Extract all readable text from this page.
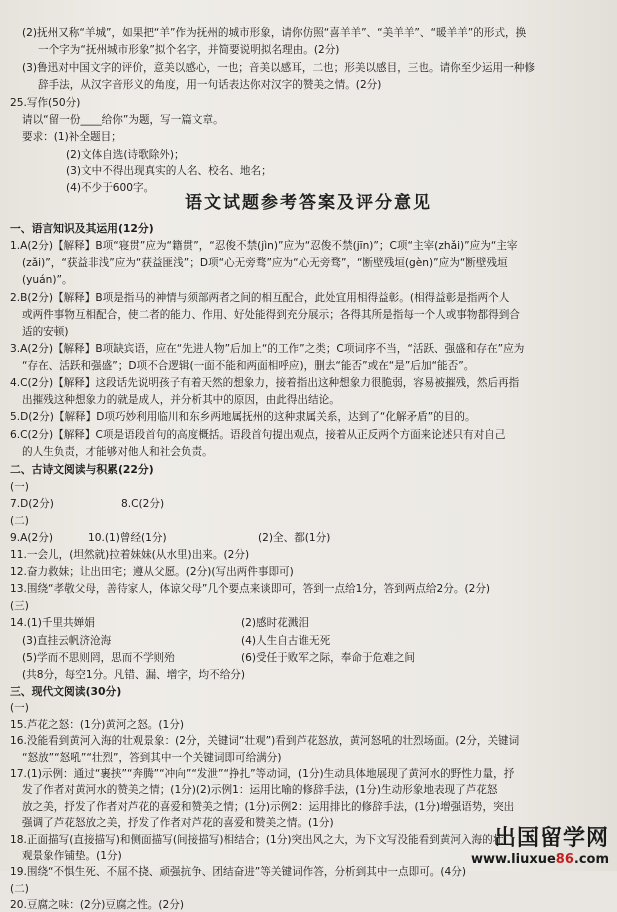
(2)抚州又称“羊城”，如果把“羊”作为抚州的城市形象，请你仿照“喜羊羊”、“美羊羊”、“暖羊羊”的形式，换
一个字为“抚州城市形象”拟个名字，并简要说明拟名理由。(2分)
(3)鲁迅对中国文字的评价，意美以感心，一也；音美以感耳，二也；形美以感目，三也。请你至少运用一种修
辞手法，从汉字音形义的角度，用一句话表达你对汉字的赞美之情。(2分)
25.写作(50分)
请以“留一份____给你”为题，写一篇文章。
要求：(1)补全题目；
(2)文体自选(诗歌除外)；
(3)文中不得出现真实的人名、校名、地名；
(4)不少于600字。
语文试题参考答案及评分意见
一、语言知识及其运用(12分)
1.A(2分)【解释】B项“寝贯”应为“籍贯”，“忍俊不禁(jìn)”应为“忍俊不禁(jīn)”；C项“主宰(zhǎi)”应为“主宰
(zǎi)”，“获益非浅”应为“获益匪浅”；D项“心无旁骛”应为“心无旁骛”，“断壁残垣(gèn)”应为“断壁残垣
(yuán)”。
2.B(2分)【解释】B项是指马的神情与须部两者之间的相互配合，此处宜用相得益彰。(相得益彰是指两个人
或两件事物互相配合，使二者的能力、作用、好处能得到充分展示；各得其所是指每一个人或事物都得到合
适的安顿)
3.A(2分)【解释】B项缺宾语，应在“先进人物”后加上“的工作”之类；C项词序不当，“活跃、强盛和存在”应为
“存在、活跃和强盛”；D项不合逻辑(一面不能和两面相呼应)，删去“能否”或在“是”后加“能否”。
4.C(2分)【解释】这段话先说明孩子有着天然的想象力，接着指出这种想象力很脆弱，容易被摧残，然后再指
出摧残这种想象力的就是成人，并分析其中的原因，由此得出结论。
5.D(2分)【解释】D项巧妙利用临川和东乡两地属抚州的这种隶属关系，达到了“化解矛盾”的目的。
6.C(2分)【解释】C项是语段首句的高度概括。语段首句提出观点，接着从正反两个方面来论述只有对自己
的人生负责，才能够对他人和社会负责。
二、古诗文阅读与积累(22分)
(一)
7.D(2分)	8.C(2分)
(二)
9.A(2分)	10.(1)曾经(1分)	(2)全、都(1分)
11.一会儿，(坦然就)拉着妹妹(从水里)出来。(2分)
12.奋力救妹；让出田宅；遵从父愿。(2分)(写出两件事即可)
13.围绕“孝敬父母，善待家人，体谅父母”几个要点来谈即可，答到一点给1分，答到两点给2分。(2分)
(三)
14.(1)千里共婵娟	(2)感时花溅泪
(3)直挂云帆济沧海	(4)人生自古谁无死
(5)学而不思则罔，思而不学则殆	(6)受任于败军之际，奉命于危难之间
(共8分，每空1分。凡错、漏、增字，均不给分)
三、现代文阅读(30分)
(一)
15.芦花之怒：(1分)黄河之怒。(1分)
16.没能看到黄河入海的壮观景象：(2分，关键词“壮观”)看到芦花怒放，黄河怒吼的壮烈场面。(2分，关键词
“怒放”“怒吼”“壮烈”，答到其中一个关键词即可给满分)
17.(1)示例：通过“裹挟”“奔腾”“冲向”“发泄”“挣扎”等动词，(1分)生动具体地展现了黄河水的野性力量，抒
发了作者对黄河水的赞美之情；(1分)(2)示例1：运用比喻的修辞手法，(1分)生动形象地表现了芦花怒
放之美，抒发了作者对芦花的喜爱和赞美之情；(1分)示例2：运用排比的修辞手法，(1分)增强语势，突出
强调了芦花怒放之美，抒发了作者对芦花的喜爱和赞美之情。(1分)
18.正面描写(直接描写)和侧面描写(间接描写)相结合；(1分)突出风之大，为下文写没能看到黄河入海的壮
观景象作铺垫。(1分)
19.围绕“不惧生死、不屈不挠、顽强抗争、团结奋进”等关键词作答，分析到其中一点即可。(4分)
(二)
20.豆腐之味：(2分)豆腐之性。(2分)
出国留学网
www.liuxue86.com
